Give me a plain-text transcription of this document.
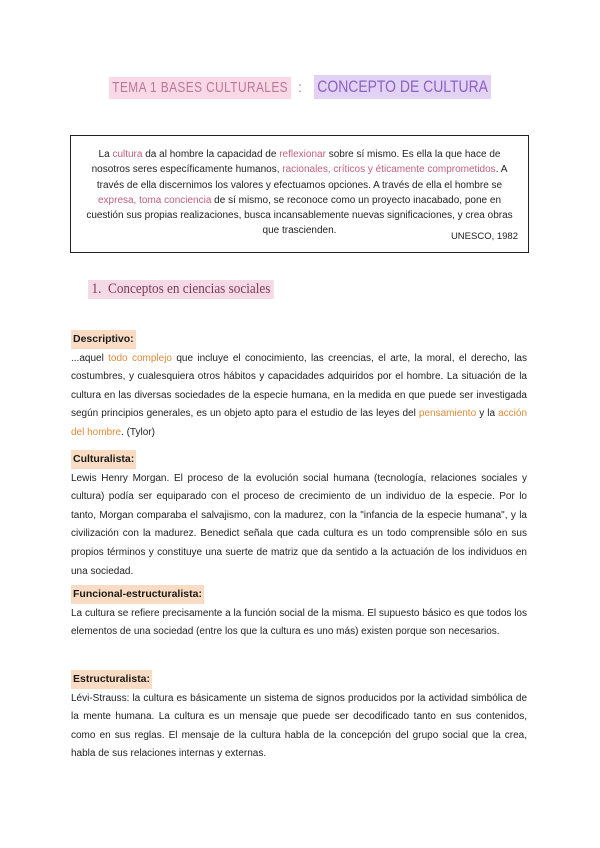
TEMA 1 BASES CULTURALES : CONCEPTO DE CULTURA
La cultura da al hombre la capacidad de reflexionar sobre sí mismo. Es ella la que hace de nosotros seres específicamente humanos, racionales, críticos y éticamente comprometidos. A través de ella discernimos los valores y efectuamos opciones. A través de ella el hombre se expresa, toma conciencia de sí mismo, se reconoce como un proyecto inacabado, pone en cuestión sus propias realizaciones, busca incansablemente nuevas significaciones, y crea obras que trascienden.	UNESCO, 1982
1. Conceptos en ciencias sociales
Descriptivo:
...aquel todo complejo que incluye el conocimiento, las creencias, el arte, la moral, el derecho, las costumbres, y cualesquiera otros hábitos y capacidades adquiridos por el hombre. La situación de la cultura en las diversas sociedades de la especie humana, en la medida en que puede ser investigada según principios generales, es un objeto apto para el estudio de las leyes del pensamiento y la acción del hombre. (Tylor)
Culturalista:
Lewis Henry Morgan. El proceso de la evolución social humana (tecnología, relaciones sociales y cultura) podía ser equiparado con el proceso de crecimiento de un individuo de la especie. Por lo tanto, Morgan comparaba el salvajismo, con la madurez, con la "infancia de la especie humana", y la civilización con la madurez. Benedict señala que cada cultura es un todo comprensible sólo en sus propios términos y constituye una suerte de matriz que da sentido a la actuación de los individuos en una sociedad.
Funcional-estructuralista:
La cultura se refiere precisamente a la función social de la misma. El supuesto básico es que todos los elementos de una sociedad (entre los que la cultura es uno más) existen porque son necesarios.
Estructuralista:
Lévi-Strauss: la cultura es básicamente un sistema de signos producidos por la actividad simbólica de la mente humana. La cultura es un mensaje que puede ser decodificado tanto en sus contenidos, como en sus reglas. El mensaje de la cultura habla de la concepción del grupo social que la crea, habla de sus relaciones internas y externas.
